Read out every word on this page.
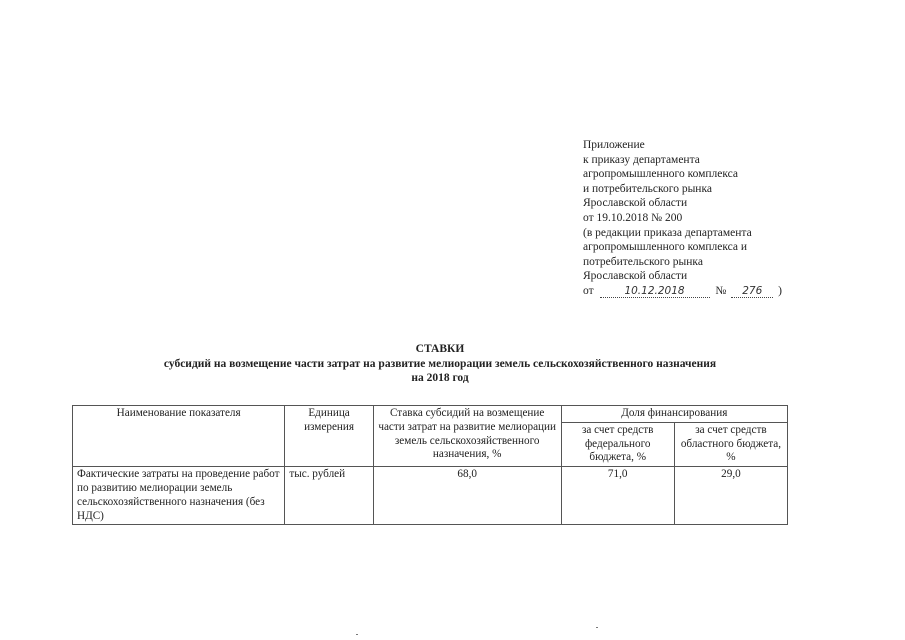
Приложение
к приказу департамента
агропромышленного комплекса
и потребительского рынка
Ярославской области
от 19.10.2018 № 200
(в редакции приказа департамента
агропромышленного комплекса и
потребительского рынка
Ярославской области
от	10.12.2018	№ 276 )
СТАВКИ
субсидий на возмещение части затрат на развитие мелиорации земель сельскохозяйственного назначения
на 2018 год
Наименование показателя	Единица измерения	Ставка субсидий на возмещение части затрат на развитие мелиорации земель сельскохозяйственного назначения, %	Доля финансирования	
			за счет средств федерального бюджета, %	за счет средств областного бюджета, %
Фактические затраты на проведение работ по развитию мелиорации земель сельскохозяйственного назначения (без НДС)	тыс. рублей	68,0	71,0	29,0
